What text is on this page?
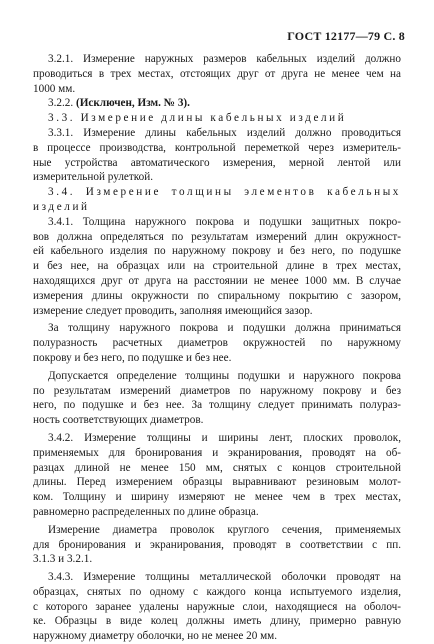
ГОСТ 12177—79 С. 8
3.2.1. Измерение наружных размеров кабельных изделий должно
проводиться в трех местах, отстоящих друг от друга не менее чем на
1000 мм.
3.2.2. (Исключен, Изм. № 3).
3.3. Измерение длины кабельных изделий
3.3.1. Измерение длины кабельных изделий должно проводиться
в процессе производства, контрольной переметкой через измеритель-
ные устройства автоматического измерения, мерной лентой или
измерительной рулеткой.
3.4. Измерение толщины элементов кабельных
изделий
3.4.1. Толщина наружного покрова и подушки защитных покро-
вов должна определяться по результатам измерений длин окружност-
ей кабельного изделия по наружному покрову и без него, по подушке
и без нее, на образцах или на строительной длине в трех местах,
находящихся друг от друга на расстоянии не менее 1000 мм. В случае
измерения длины окружности по спиральному покрытию с зазором,
измерение следует проводить, заполняя имеющийся зазор.
За толщину наружного покрова и подушки должна приниматься
полуразность расчетных диаметров окружностей по наружному
покрову и без него, по подушке и без нее.
Допускается определение толщины подушки и наружного покрова
по результатам измерений диаметров по наружному покрову и без
него, по подушке и без нее. За толщину следует принимать полураз-
ность соответствующих диаметров.
3.4.2. Измерение толщины и ширины лент, плоских проволок,
применяемых для бронирования и экранирования, проводят на об-
разцах длиной не менее 150 мм, снятых с концов строительной
длины. Перед измерением образцы выравнивают резиновым молот-
ком. Толщину и ширину измеряют не менее чем в трех местах,
равномерно распределенных по длине образца.
Измерение диаметра проволок круглого сечения, применяемых
для бронирования и экранирования, проводят в соответствии с пп.
3.1.3 и 3.2.1.
3.4.3. Измерение толщины металлической оболочки проводят на
образцах, снятых по одному с каждого конца испытуемого изделия,
с которого заранее удалены наружные слои, находящиеся на оболоч-
ке. Образцы в виде колец должны иметь длину, примерно равную
наружному диаметру оболочки, но не менее 20 мм.
